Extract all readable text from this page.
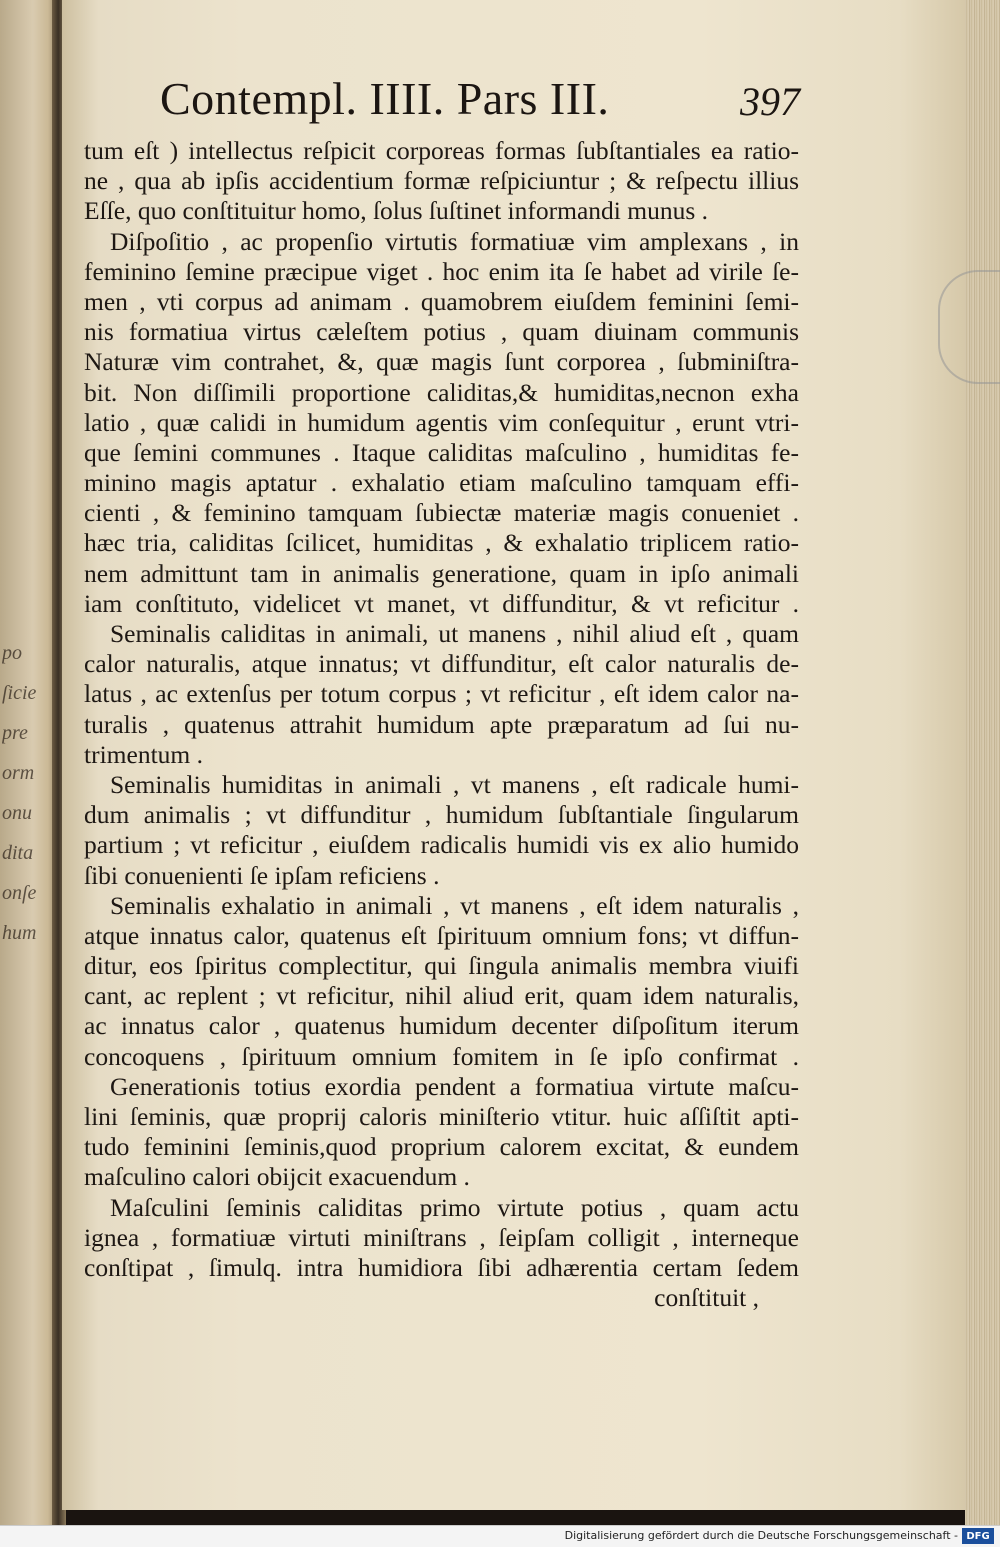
po
ſicie
pre
orm
onu
dita
onſe
hum
Contempl. IIII. Pars III.	397
tum eſt ) intellectus reſpicit corporeas formas ſubſtantiales ea ratio-
ne , qua ab ipſis accidentium formæ reſpiciuntur ; & reſpectu illius
Eſſe, quo conſtituitur homo, ſolus ſuſtinet informandi munus .
Diſpoſitio , ac propenſio virtutis formatiuæ vim amplexans , in
feminino ſemine præcipue viget . hoc enim ita ſe habet ad virile ſe-
men , vti corpus ad animam . quamobrem eiuſdem feminini ſemi-
nis formatiua virtus cæleſtem potius , quam diuinam communis
Naturæ vim contrahet, &, quæ magis ſunt corporea , ſubminiſtra-
bit. Non diſſimili proportione caliditas,& humiditas,necnon exha
latio , quæ calidi in humidum agentis vim conſequitur , erunt vtri-
que ſemini communes . Itaque caliditas maſculino , humiditas fe-
minino magis aptatur . exhalatio etiam maſculino tamquam effi-
cienti , & feminino tamquam ſubiectæ materiæ magis conueniet .
hæc tria, caliditas ſcilicet, humiditas , & exhalatio triplicem ratio-
nem admittunt tam in animalis generatione, quam in ipſo animali
iam conſtituto, videlicet vt manet, vt diffunditur, & vt reficitur .
Seminalis caliditas in animali, ut manens , nihil aliud eſt , quam
calor naturalis, atque innatus; vt diffunditur, eſt calor naturalis de-
latus , ac extenſus per totum corpus ; vt reficitur , eſt idem calor na-
turalis , quatenus attrahit humidum apte præparatum ad ſui nu-
trimentum .
Seminalis humiditas in animali , vt manens , eſt radicale humi-
dum animalis ; vt diffunditur , humidum ſubſtantiale ſingularum
partium ; vt reficitur , eiuſdem radicalis humidi vis ex alio humido
ſibi conuenienti ſe ipſam reficiens .
Seminalis exhalatio in animali , vt manens , eſt idem naturalis ,
atque innatus calor, quatenus eſt ſpirituum omnium fons; vt diffun-
ditur, eos ſpiritus complectitur, qui ſingula animalis membra viuifi
cant, ac replent ; vt reficitur, nihil aliud erit, quam idem naturalis,
ac innatus calor , quatenus humidum decenter diſpoſitum iterum
concoquens , ſpirituum omnium fomitem in ſe ipſo confirmat .
Generationis totius exordia pendent a formatiua virtute maſcu-
lini ſeminis, quæ proprij caloris miniſterio vtitur. huic aſſiſtit apti-
tudo feminini ſeminis,quod proprium calorem excitat, & eundem
maſculino calori obijcit exacuendum .
Maſculini ſeminis caliditas primo virtute potius , quam actu
ignea , formatiuæ virtuti miniſtrans , ſeipſam colligit , interneque
conſtipat , ſimulq. intra humidiora ſibi adhærentia certam ſedem
conſtituit ,
Digitalisierung gefördert durch die Deutsche Forschungsgemeinschaft - DFG
